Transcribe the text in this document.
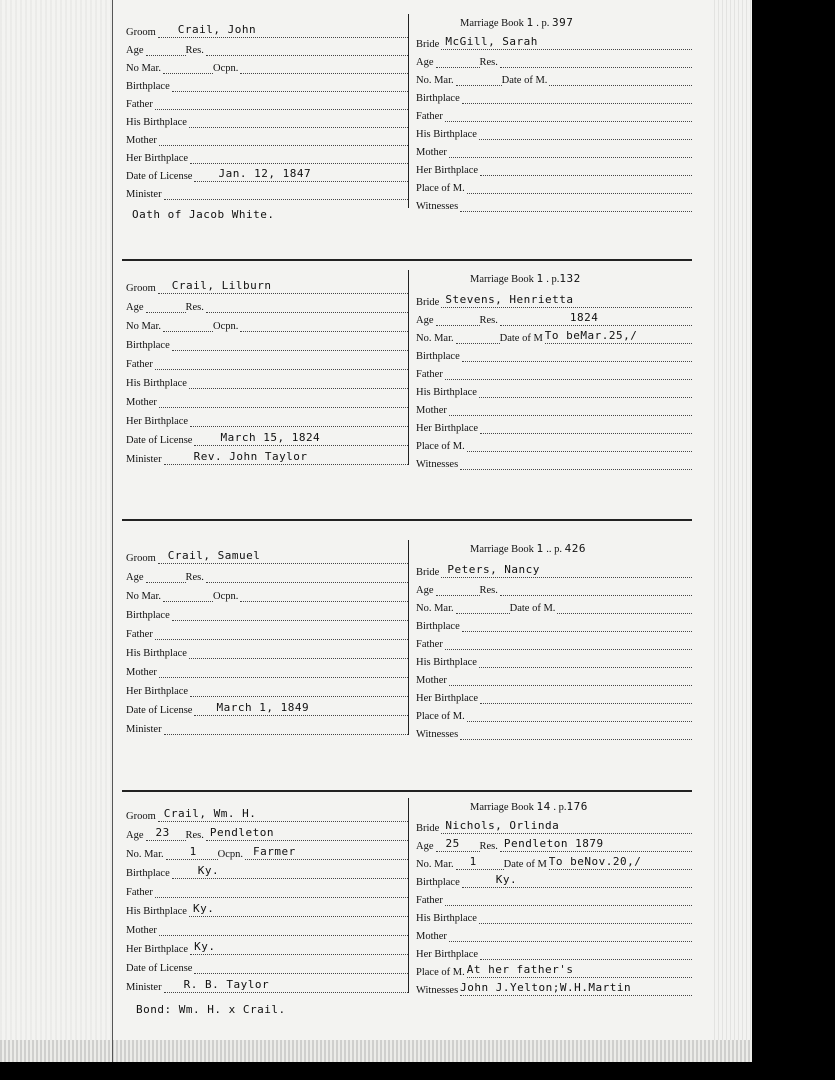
Groom Crail, John
Age	Res.
No Mar.	Ocpn.
Birthplace
Father
His Birthplace
Mother
Her Birthplace
Date of License Jan. 12, 1847
Minister
Marriage Book 1 . p. 397
Bride McGill, Sarah
Age	Res.
No. Mar.	Date of M.
Birthplace
Father
His Birthplace
Mother
Her Birthplace
Place of M.
Witnesses
Oath of Jacob White.
Groom Crail, Lilburn
Age	Res.
No Mar.	Ocpn.
Birthplace
Father
His Birthplace
Mother
Her Birthplace
Date of License	March 15, 1824
Minister	Rev. John Taylor
Marriage Book 1 . p.132
Bride Stevens, Henrietta
Age	Res.	1824
No. Mar.	Date of M To beMar.25,/
Birthplace
Father
His Birthplace
Mother
Her Birthplace
Place of M.
Witnesses
Groom Crail, Samuel
Age	Res.
No Mar.	Ocpn.
Birthplace
Father
His Birthplace
Mother
Her Birthplace
Date of License March 1, 1849
Minister
Marriage Book 1 .. p. 426
Bride Peters, Nancy
Age	Res.
No. Mar.	Date of M.
Birthplace
Father
His Birthplace
Mother
Her Birthplace
Place of M.
Witnesses
Groom Crail, Wm. H.
Age 23 Res. Pendleton
No. Mar. 1 Ocpn. Farmer
Birthplace	Ky.
Father
His Birthplace Ky.
Mother
Her Birthplace Ky.
Date of License
Minister R. B. Taylor
Marriage Book 14 . p.176
Bride Nichols, Orlinda
Age 25 Res. Pendleton 1879
No. Mar. 1	Date of M To beNov.20,/
Birthplace	Ky.
Father
His Birthplace
Mother
Her Birthplace
Place of M. At her father's
Witnesses John J.Yelton;W.H.Martin
Bond: Wm. H. x Crail.
